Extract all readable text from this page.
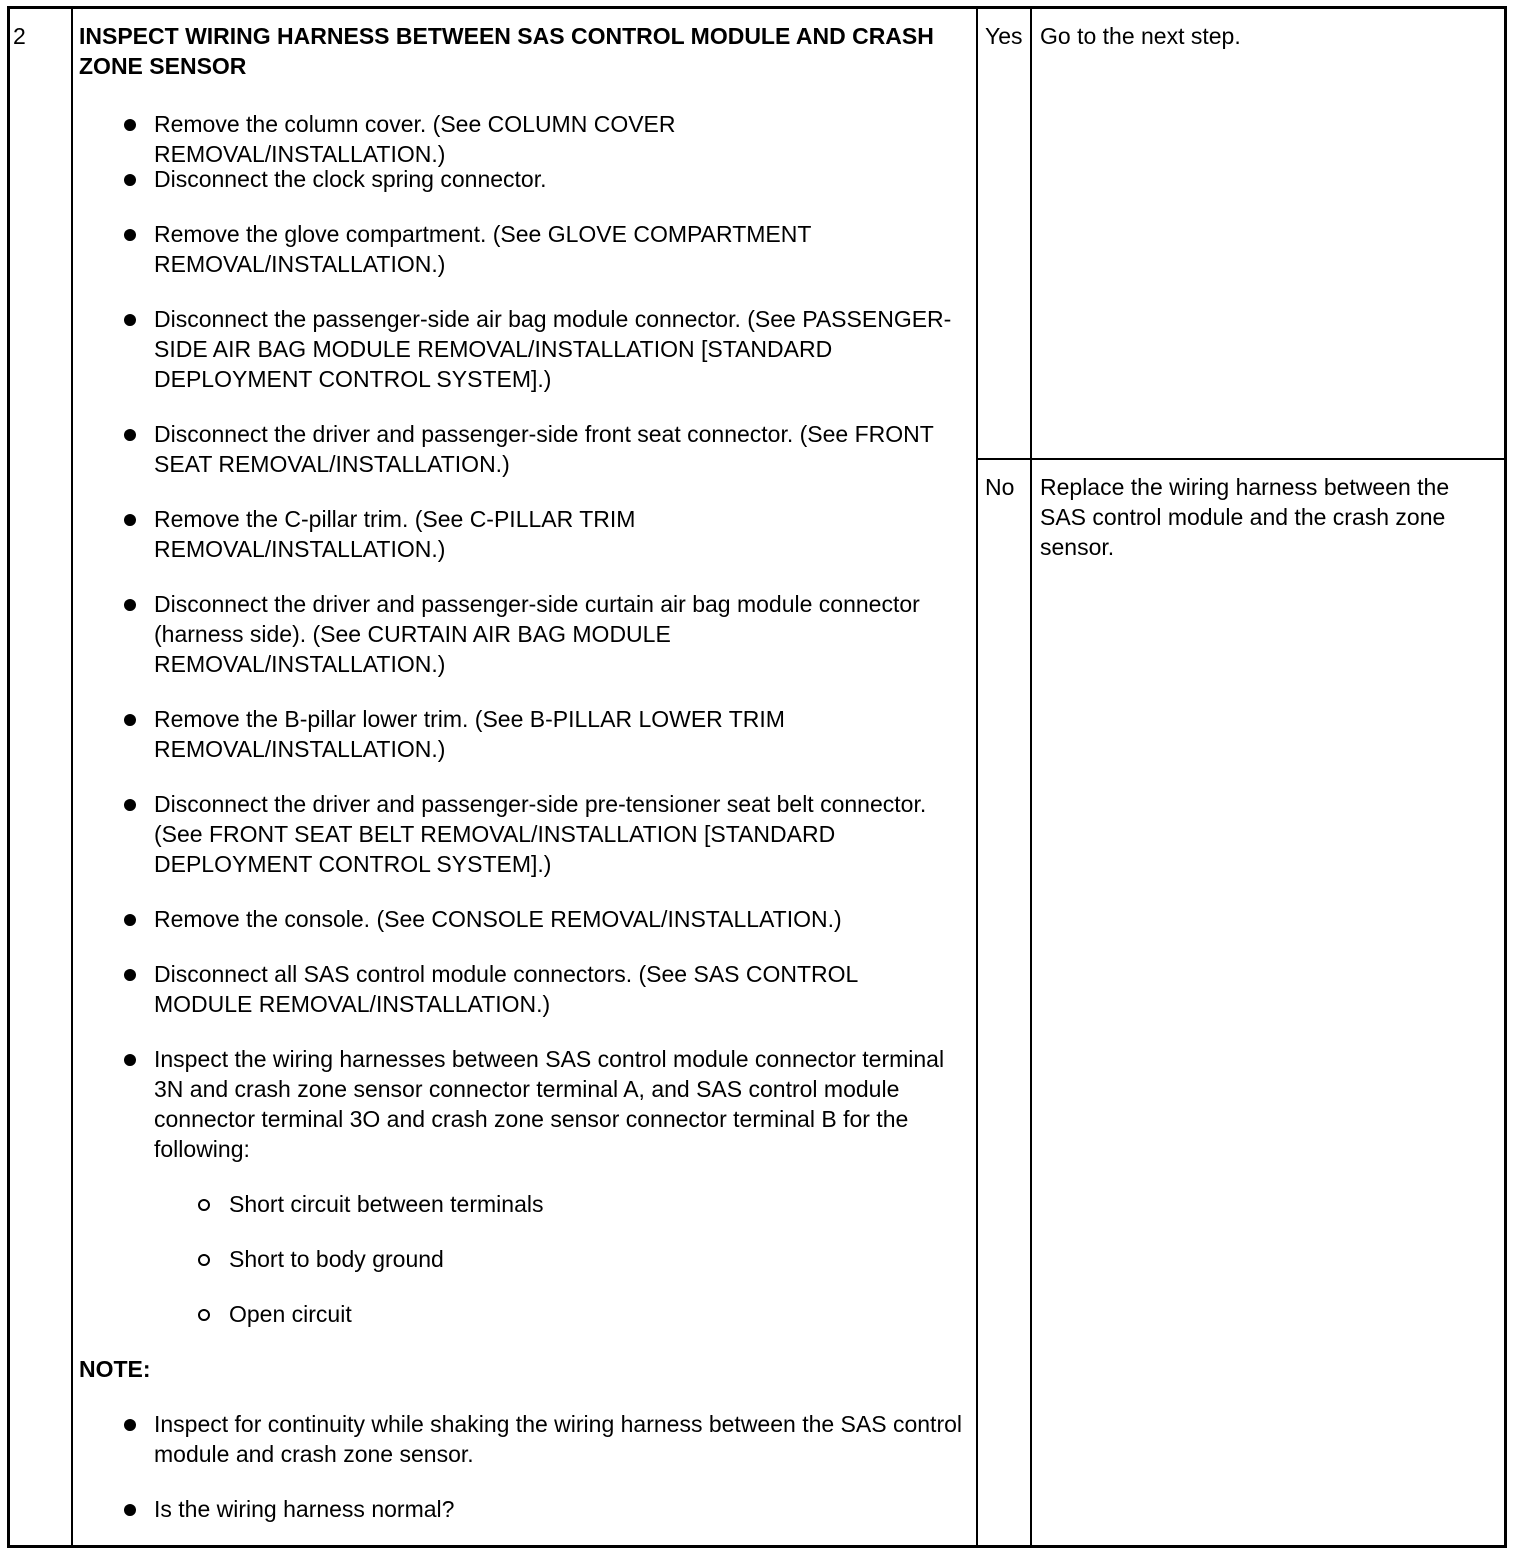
2 INSPECT WIRING HARNESS BETWEEN SAS CONTROL MODULE AND CRASH ZONE SENSOR
Remove the column cover. (See COLUMN COVER REMOVAL/INSTALLATION.)
Disconnect the clock spring connector.
Remove the glove compartment. (See GLOVE COMPARTMENT REMOVAL/INSTALLATION.)
Disconnect the passenger-side air bag module connector. (See PASSENGER-SIDE AIR BAG MODULE REMOVAL/INSTALLATION [STANDARD DEPLOYMENT CONTROL SYSTEM].)
Disconnect the driver and passenger-side front seat connector. (See FRONT SEAT REMOVAL/INSTALLATION.)
Remove the C-pillar trim. (See C-PILLAR TRIM REMOVAL/INSTALLATION.)
Disconnect the driver and passenger-side curtain air bag module connector (harness side). (See CURTAIN AIR BAG MODULE REMOVAL/INSTALLATION.)
Remove the B-pillar lower trim. (See B-PILLAR LOWER TRIM REMOVAL/INSTALLATION.)
Disconnect the driver and passenger-side pre-tensioner seat belt connector. (See FRONT SEAT BELT REMOVAL/INSTALLATION [STANDARD DEPLOYMENT CONTROL SYSTEM].)
Remove the console. (See CONSOLE REMOVAL/INSTALLATION.)
Disconnect all SAS control module connectors. (See SAS CONTROL MODULE REMOVAL/INSTALLATION.)
Inspect the wiring harnesses between SAS control module connector terminal 3N and crash zone sensor connector terminal A, and SAS control module connector terminal 3O and crash zone sensor connector terminal B for the following:
Short circuit between terminals
Short to body ground
Open circuit
NOTE:
Inspect for continuity while shaking the wiring harness between the SAS control module and crash zone sensor.
Is the wiring harness normal?
Yes Go to the next step.
No Replace the wiring harness between the SAS control module and the crash zone sensor.
